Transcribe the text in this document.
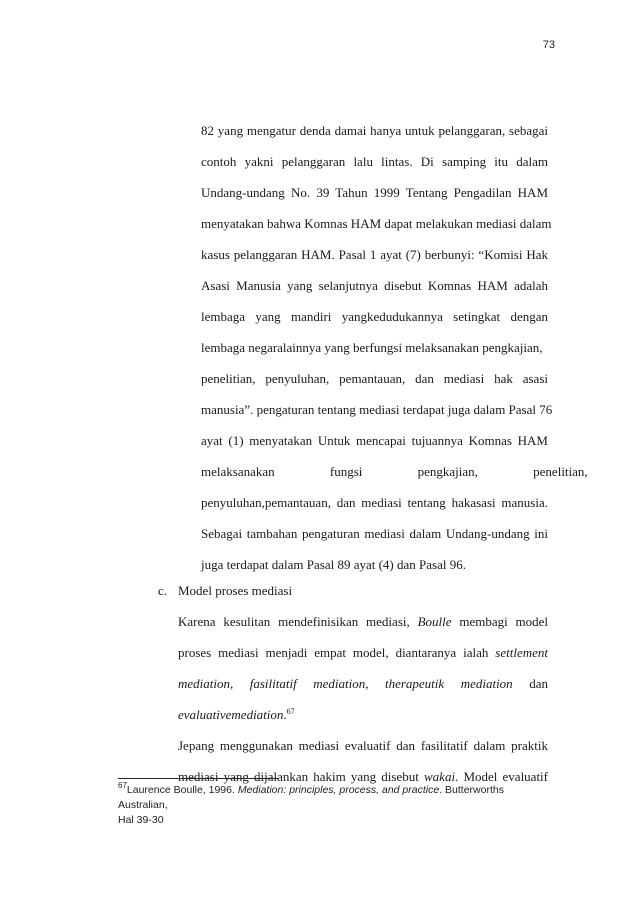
73
82 yang mengatur denda damai hanya untuk pelanggaran, sebagai
contoh yakni pelanggaran lalu lintas. Di samping itu dalam
Undang-undang No. 39 Tahun 1999 Tentang Pengadilan HAM
menyatakan bahwa Komnas HAM dapat melakukan mediasi dalam
kasus pelanggaran HAM. Pasal 1 ayat (7) berbunyi: “Komisi Hak
Asasi Manusia yang selanjutnya disebut Komnas HAM adalah
lembaga yang mandiri yangkedudukannya setingkat dengan
lembaga negaralainnya yang berfungsi melaksanakan pengkajian,
penelitian, penyuluhan, pemantauan, dan mediasi hak asasi
manusia”. pengaturan tentang mediasi terdapat juga dalam Pasal 76
ayat (1) menyatakan Untuk mencapai tujuannya Komnas HAM
melaksanakan fungsi pengkajian, penelitian,
penyuluhan,pemantauan, dan mediasi tentang hakasasi manusia.
Sebagai tambahan pengaturan mediasi dalam Undang-undang ini
juga terdapat dalam Pasal 89 ayat (4) dan Pasal 96.
c. Model proses mediasi
Karena kesulitan mendefinisikan mediasi, Boulle membagi model
proses mediasi menjadi empat model, diantaranya ialah settlement
mediation, fasilitatif mediation, therapeutik mediation dan
evaluativemediation.$^{67}$
Jepang menggunakan mediasi evaluatif dan fasilitatif dalam praktik
mediasi yang dijalankan hakim yang disebut wakai. Model evaluatif
$^{67}$Laurence Boulle, 1996. Mediation: principles, process, and practice. Butterworths Australian,
Hal 39-30
